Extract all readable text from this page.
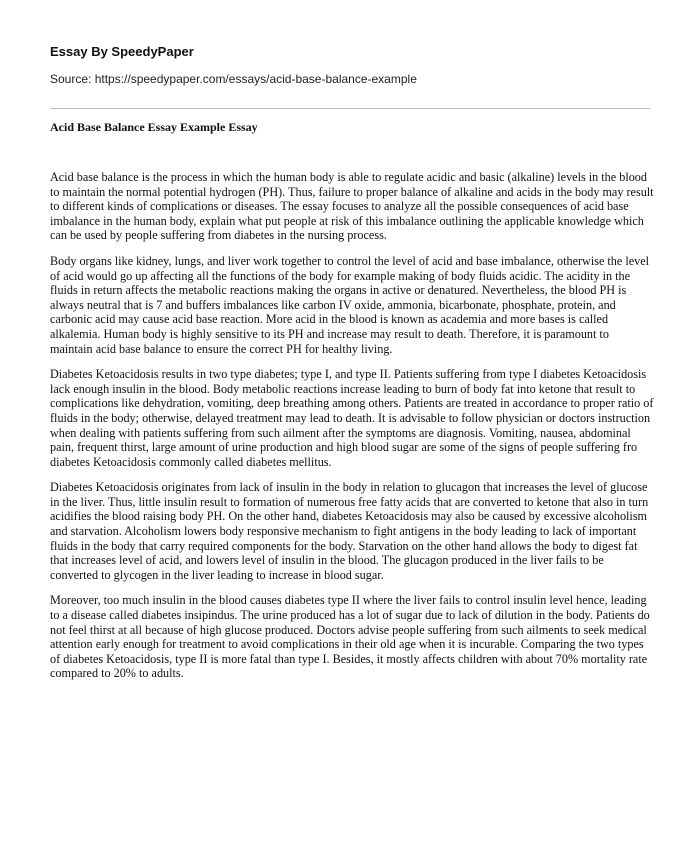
Essay By SpeedyPaper
Source: https://speedypaper.com/essays/acid-base-balance-example
Acid Base Balance Essay Example Essay

Acid base balance is the process in which the human body is able to regulate acidic and basic (alkaline) levels in the blood to maintain the normal potential hydrogen (PH). Thus, failure to proper balance of alkaline and acids in the body may result to different kinds of complications or diseases. The essay focuses to analyze all the possible consequences of acid base imbalance in the human body, explain what put people at risk of this imbalance outlining the applicable knowledge which can be used by people suffering from diabetes in the nursing process.

Body organs like kidney, lungs, and liver work together to control the level of acid and base imbalance, otherwise the level of acid would go up affecting all the functions of the body for example making of body fluids acidic. The acidity in the fluids in return affects the metabolic reactions making the organs in active or denatured. Nevertheless, the blood PH is always neutral that is 7 and buffers imbalances like carbon IV oxide, ammonia, bicarbonate, phosphate, protein, and carbonic acid may cause acid base reaction. More acid in the blood is known as academia and more bases is called alkalemia. Human body is highly sensitive to its PH and increase may result to death. Therefore, it is paramount to maintain acid base balance to ensure the correct PH for healthy living.

Diabetes Ketoacidosis results in two type diabetes; type I, and type II. Patients suffering from type I diabetes Ketoacidosis lack enough insulin in the blood. Body metabolic reactions increase leading to burn of body fat into ketone that result to complications like dehydration, vomiting, deep breathing among others. Patients are treated in accordance to proper ratio of fluids in the body; otherwise, delayed treatment may lead to death. It is advisable to follow physician or doctors instruction when dealing with patients suffering from such ailment after the symptoms are diagnosis. Vomiting, nausea, abdominal pain, frequent thirst, large amount of urine production and high blood sugar are some of the signs of people suffering fro diabetes Ketoacidosis commonly called diabetes mellitus.

Diabetes Ketoacidosis originates from lack of insulin in the body in relation to glucagon that increases the level of glucose in the liver. Thus, little insulin result to formation of numerous free fatty acids that are converted to ketone that also in turn acidifies the blood raising body PH. On the other hand, diabetes Ketoacidosis may also be caused by excessive alcoholism and starvation. Alcoholism lowers body responsive mechanism to fight antigens in the body leading to lack of important fluids in the body that carry required components for the body. Starvation on the other hand allows the body to digest fat that increases level of acid, and lowers level of insulin in the blood. The glucagon produced in the liver fails to be converted to glycogen in the liver leading to increase in blood sugar.

Moreover, too much insulin in the blood causes diabetes type II where the liver fails to control insulin level hence, leading to a disease called diabetes insipindus. The urine produced has a lot of sugar due to lack of dilution in the body. Patients do not feel thirst at all because of high glucose produced. Doctors advise people suffering from such ailments to seek medical attention early enough for treatment to avoid complications in their old age when it is incurable. Comparing the two types of diabetes Ketoacidosis, type II is more fatal than type I. Besides, it mostly affects children with about 70% mortality rate compared to 20% to adults.
